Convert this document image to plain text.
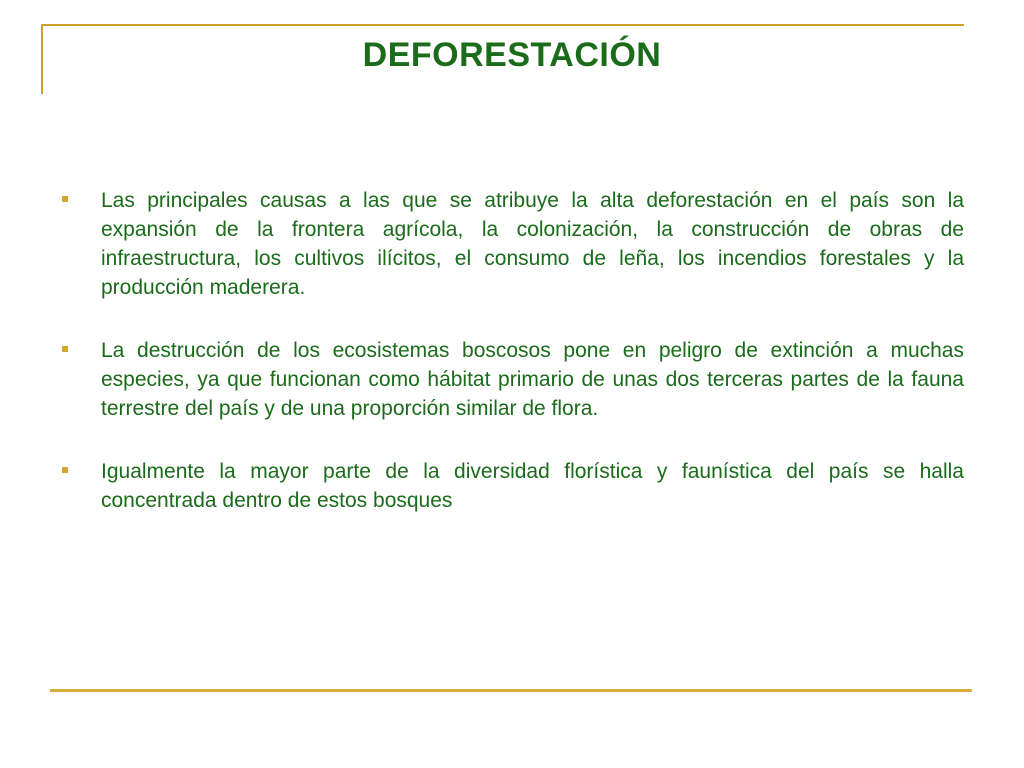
DEFORESTACIÓN
Las principales causas a las que se atribuye la alta deforestación en el país son la expansión de la frontera agrícola, la colonización, la construcción de obras de infraestructura, los cultivos ilícitos, el consumo de leña, los incendios forestales y la producción maderera.
La destrucción de los ecosistemas boscosos pone en peligro de extinción a muchas especies, ya que funcionan como hábitat primario de unas dos terceras partes de la fauna terrestre del país y de una proporción similar de flora.
Igualmente la mayor parte de la diversidad florística y faunística del país se halla concentrada dentro de estos bosques
